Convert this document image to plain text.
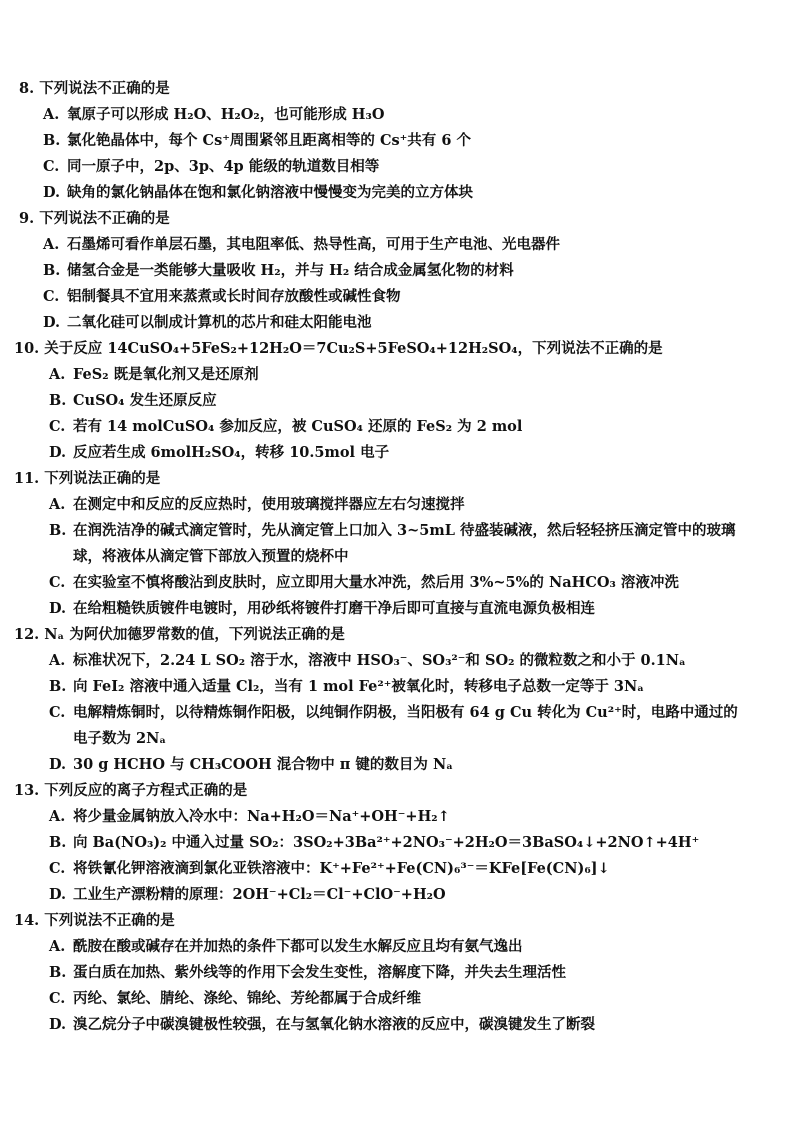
8. 下列说法不正确的是
A. 氧原子可以形成 H₂O、H₂O₂，也可能形成 H₃O
B. 氯化铯晶体中，每个 Cs⁺周围紧邻且距离相等的 Cs⁺共有 6 个
C. 同一原子中，2p、3p、4p 能级的轨道数目相等
D. 缺角的氯化钠晶体在饱和氯化钠溶液中慢慢变为完美的立方体块
9. 下列说法不正确的是
A. 石墨烯可看作单层石墨，其电阻率低、热导性高，可用于生产电池、光电器件
B. 储氢合金是一类能够大量吸收 H₂，并与 H₂ 结合成金属氢化物的材料
C. 铝制餐具不宜用来蒸煮或长时间存放酸性或碱性食物
D. 二氧化硅可以制成计算机的芯片和硅太阳能电池
10. 关于反应 14CuSO₄+5FeS₂+12H₂O＝7Cu₂S+5FeSO₄+12H₂SO₄，下列说法不正确的是
A. FeS₂ 既是氧化剂又是还原剂
B. CuSO₄ 发生还原反应
C. 若有 14 molCuSO₄ 参加反应，被 CuSO₄ 还原的 FeS₂ 为 2 mol
D. 反应若生成 6molH₂SO₄，转移 10.5mol 电子
11. 下列说法正确的是
A. 在测定中和反应的反应热时，使用玻璃搅拌器应左右匀速搅拌
B. 在润洗洁净的碱式滴定管时，先从滴定管上口加入 3~5mL 待盛装碱液，然后轻轻挤压滴定管中的玻璃球，将液体从滴定管下部放入预置的烧杯中
C. 在实验室不慎将酸沾到皮肤时，应立即用大量水冲洗，然后用 3%~5%的 NaHCO₃ 溶液冲洗
D. 在给粗糙铁质镀件电镀时，用砂纸将镀件打磨干净后即可直接与直流电源负极相连
12. Nₐ 为阿伏加德罗常数的值，下列说法正确的是
A. 标准状况下，2.24 L SO₂ 溶于水，溶液中 HSO₃⁻、SO₃²⁻和 SO₂ 的微粒数之和小于 0.1Nₐ
B. 向 FeI₂ 溶液中通入适量 Cl₂，当有 1 mol Fe²⁺被氧化时，转移电子总数一定等于 3Nₐ
C. 电解精炼铜时，以待精炼铜作阳极，以纯铜作阴极，当阳极有 64 g Cu 转化为 Cu²⁺时，电路中通过的电子数为 2Nₐ
D. 30 g HCHO 与 CH₃COOH 混合物中 π 键的数目为 Nₐ
13. 下列反应的离子方程式正确的是
A. 将少量金属钠放入冷水中：Na+H₂O＝Na⁺+OH⁻+H₂↑
B. 向 Ba(NO₃)₂ 中通入过量 SO₂：3SO₂+3Ba²⁺+2NO₃⁻+2H₂O＝3BaSO₄↓+2NO↑+4H⁺
C. 将铁氰化钾溶液滴到氯化亚铁溶液中：K⁺+Fe²⁺+Fe(CN)₆³⁻＝KFe[Fe(CN)₆]↓
D. 工业生产漂粉精的原理：2OH⁻+Cl₂＝Cl⁻+ClO⁻+H₂O
14. 下列说法不正确的是
A. 酰胺在酸或碱存在并加热的条件下都可以发生水解反应且均有氨气逸出
B. 蛋白质在加热、紫外线等的作用下会发生变性，溶解度下降，并失去生理活性
C. 丙纶、氯纶、腈纶、涤纶、锦纶、芳纶都属于合成纤维
D. 溴乙烷分子中碳溴键极性较强，在与氢氧化钠水溶液的反应中，碳溴键发生了断裂
